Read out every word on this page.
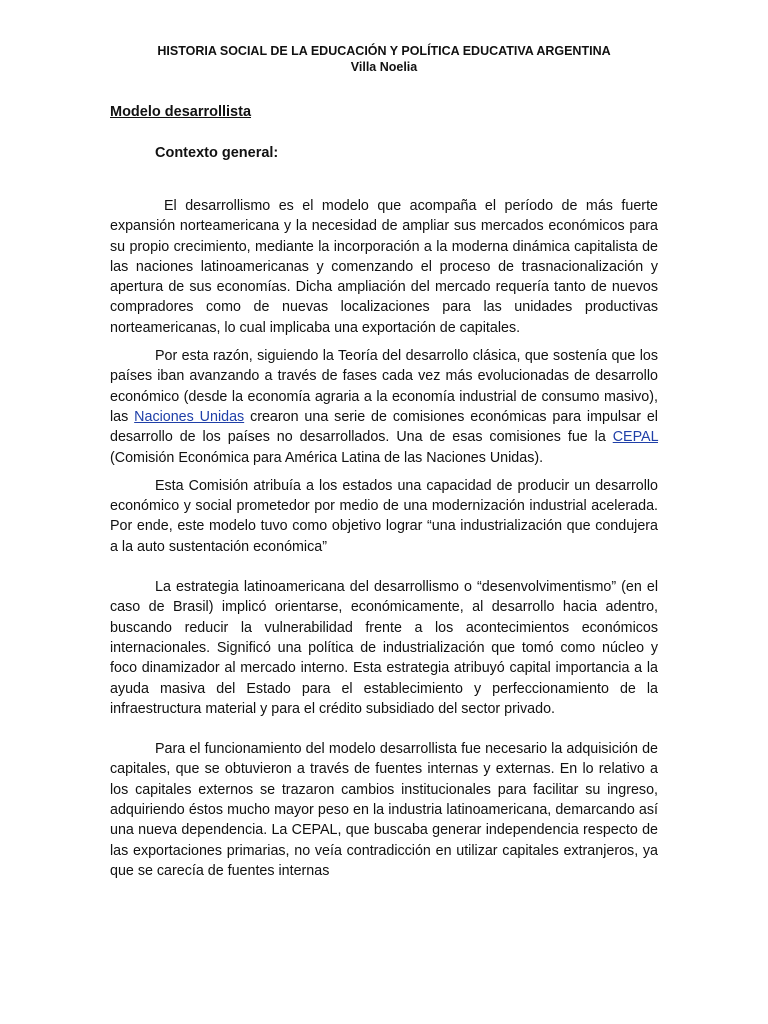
HISTORIA SOCIAL DE LA EDUCACIÓN Y POLÍTICA EDUCATIVA ARGENTINA
Villa Noelia
Modelo desarrollista
Contexto general:

El desarrollismo es el modelo que acompaña el período de más fuerte expansión norteamericana y la necesidad de ampliar sus mercados económicos para su propio crecimiento, mediante la incorporación a la moderna dinámica capitalista de las naciones latinoamericanas y comenzando el proceso de trasnacionalización y apertura de sus economías. Dicha ampliación del mercado requería tanto de nuevos compradores como de nuevas localizaciones para las unidades productivas norteamericanas, lo cual implicaba una exportación de capitales.

Por esta razón, siguiendo la Teoría del desarrollo clásica, que sostenía que los países iban avanzando a través de fases cada vez más evolucionadas de desarrollo económico (desde la economía agraria a la economía industrial de consumo masivo), las Naciones Unidas crearon una serie de comisiones económicas para impulsar el desarrollo de los países no desarrollados. Una de esas comisiones fue la CEPAL (Comisión Económica para América Latina de las Naciones Unidas).

Esta Comisión atribuía a los estados una capacidad de producir un desarrollo económico y social prometedor por medio de una modernización industrial acelerada. Por ende, este modelo tuvo como objetivo lograr “una industrialización que condujera a la auto sustentación económica”

La estrategia latinoamericana del desarrollismo o “desenvolvimentismo” (en el caso de Brasil) implicó orientarse, económicamente, al desarrollo hacia adentro, buscando reducir la vulnerabilidad frente a los acontecimientos económicos internacionales. Significó una política de industrialización que tomó como núcleo y foco dinamizador al mercado interno. Esta estrategia atribuyó capital importancia a la ayuda masiva del Estado para el establecimiento y perfeccionamiento de la infraestructura material y para el crédito subsidiado del sector privado.

Para el funcionamiento del modelo desarrollista fue necesario la adquisición de capitales, que se obtuvieron a través de fuentes internas y externas. En lo relativo a los capitales externos se trazaron cambios institucionales para facilitar su ingreso, adquiriendo éstos mucho mayor peso en la industria latinoamericana, demarcando así una nueva dependencia. La CEPAL, que buscaba generar independencia respecto de las exportaciones primarias, no veía contradicción en utilizar capitales extranjeros, ya que se carecía de fuentes internas
